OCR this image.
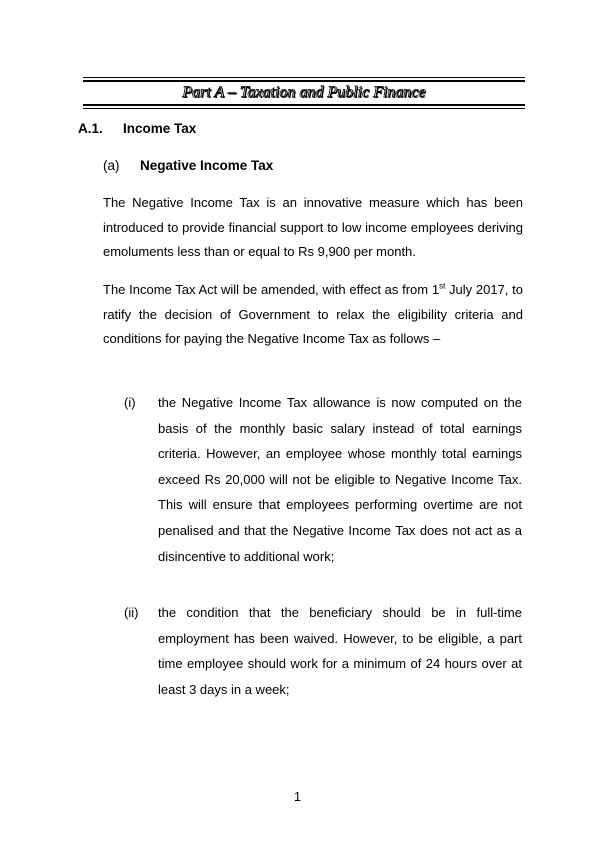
Part A – Taxation and Public Finance
A.1. Income Tax
(a) Negative Income Tax
The Negative Income Tax is an innovative measure which has been introduced to provide financial support to low income employees deriving emoluments less than or equal to Rs 9,900 per month.
The Income Tax Act will be amended, with effect as from 1st July 2017, to ratify the decision of Government to relax the eligibility criteria and conditions for paying the Negative Income Tax as follows –
(i)	the Negative Income Tax allowance is now computed on the basis of the monthly basic salary instead of total earnings criteria. However, an employee whose monthly total earnings exceed Rs 20,000 will not be eligible to Negative Income Tax. This will ensure that employees performing overtime are not penalised and that the Negative Income Tax does not act as a disincentive to additional work;
(ii)	the condition that the beneficiary should be in full-time employment has been waived. However, to be eligible, a part time employee should work for a minimum of 24 hours over at least 3 days in a week;
1
